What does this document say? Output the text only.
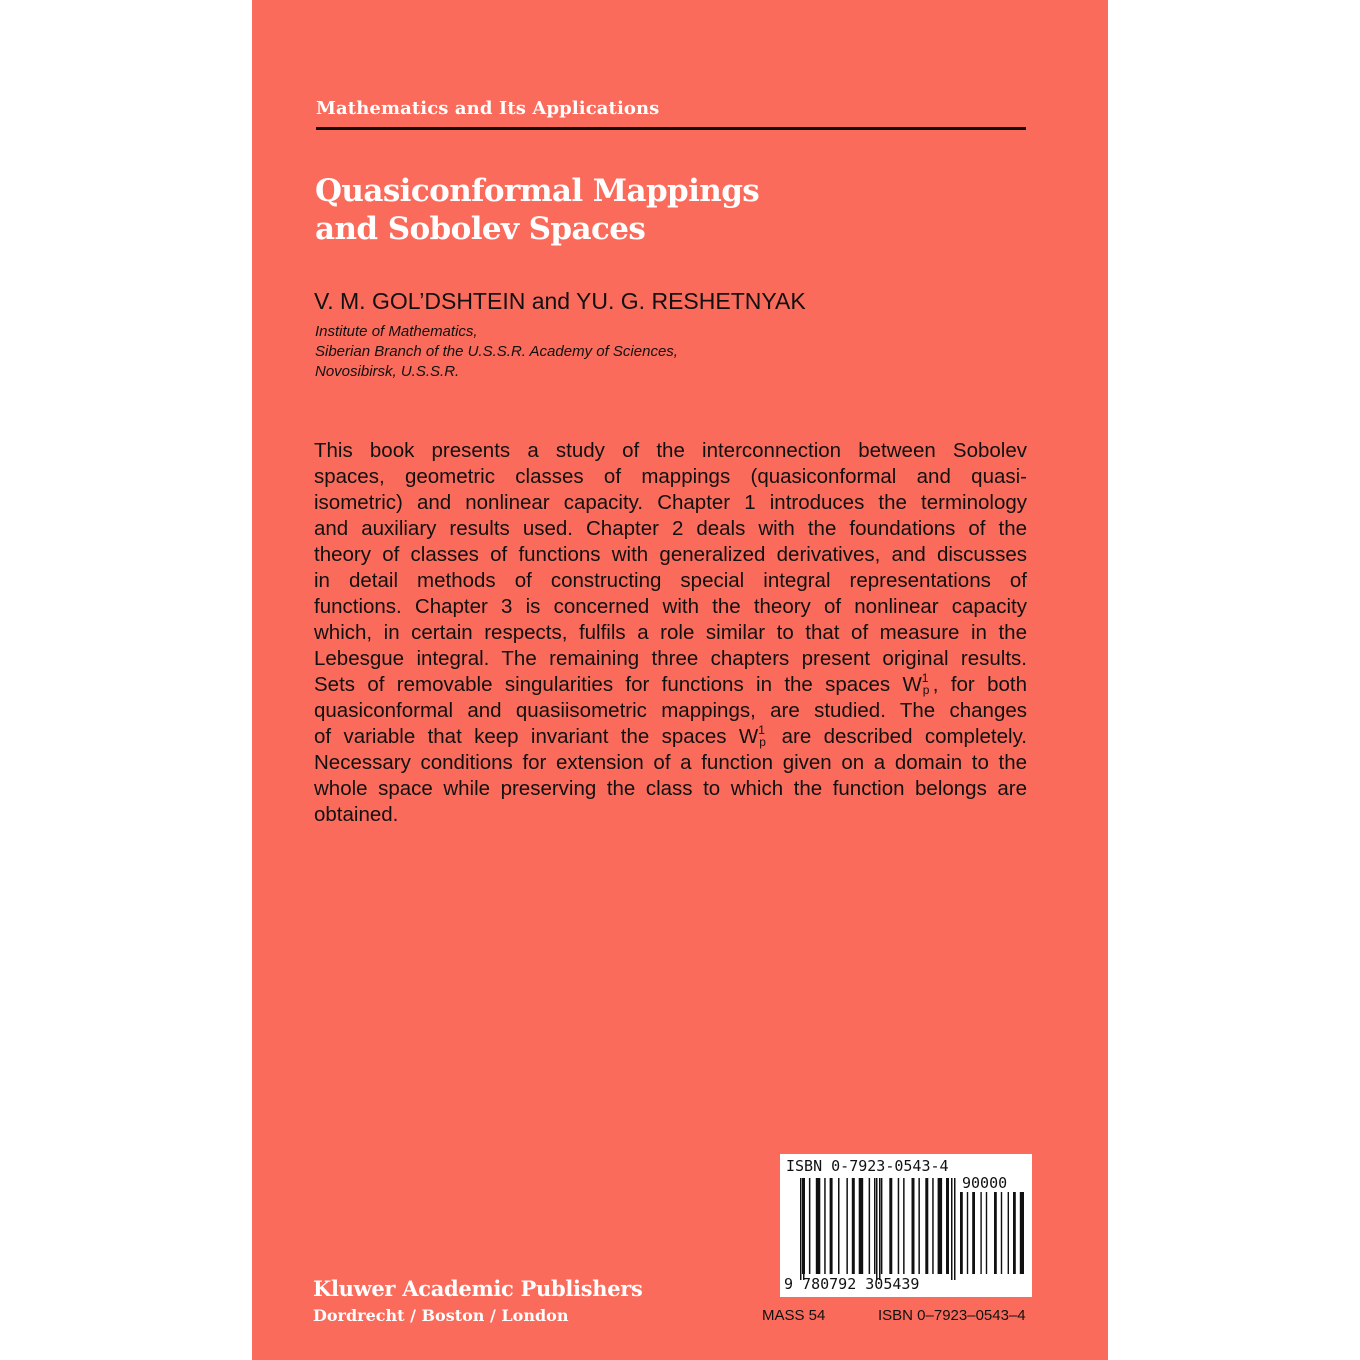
Mathematics and Its Applications
Quasiconformal Mappings
and Sobolev Spaces
V. M. GOL’DSHTEIN and YU. G. RESHETNYAK
Institute of Mathematics,
Siberian Branch of the U.S.S.R. Academy of Sciences,
Novosibirsk, U.S.S.R.
This book presents a study of the interconnection between Sobolev
spaces, geometric classes of mappings (quasiconformal and quasi-
isometric) and nonlinear capacity. Chapter 1 introduces the terminology
and auxiliary results used. Chapter 2 deals with the foundations of the
theory of classes of functions with generalized derivatives, and discusses
in detail methods of constructing special integral representations of
functions. Chapter 3 is concerned with the theory of nonlinear capacity
which, in certain respects, fulfils a role similar to that of measure in the
Lebesgue integral. The remaining three chapters present original results.
Sets of removable singularities for functions in the spaces W 1
p , for both
quasiconformal and quasiisometric mappings, are studied. The changes
of variable that keep invariant the spaces W 1
p are described completely.
Necessary conditions for extension of a function given on a domain to the
whole space while preserving the class to which the function belongs are
obtained.
ISBN 0-7923-0543-4
90000
9 780792 305439
Kluwer Academic Publishers
Dordrecht / Boston / London	MASS 54	ISBN 0–7923–0543–4
